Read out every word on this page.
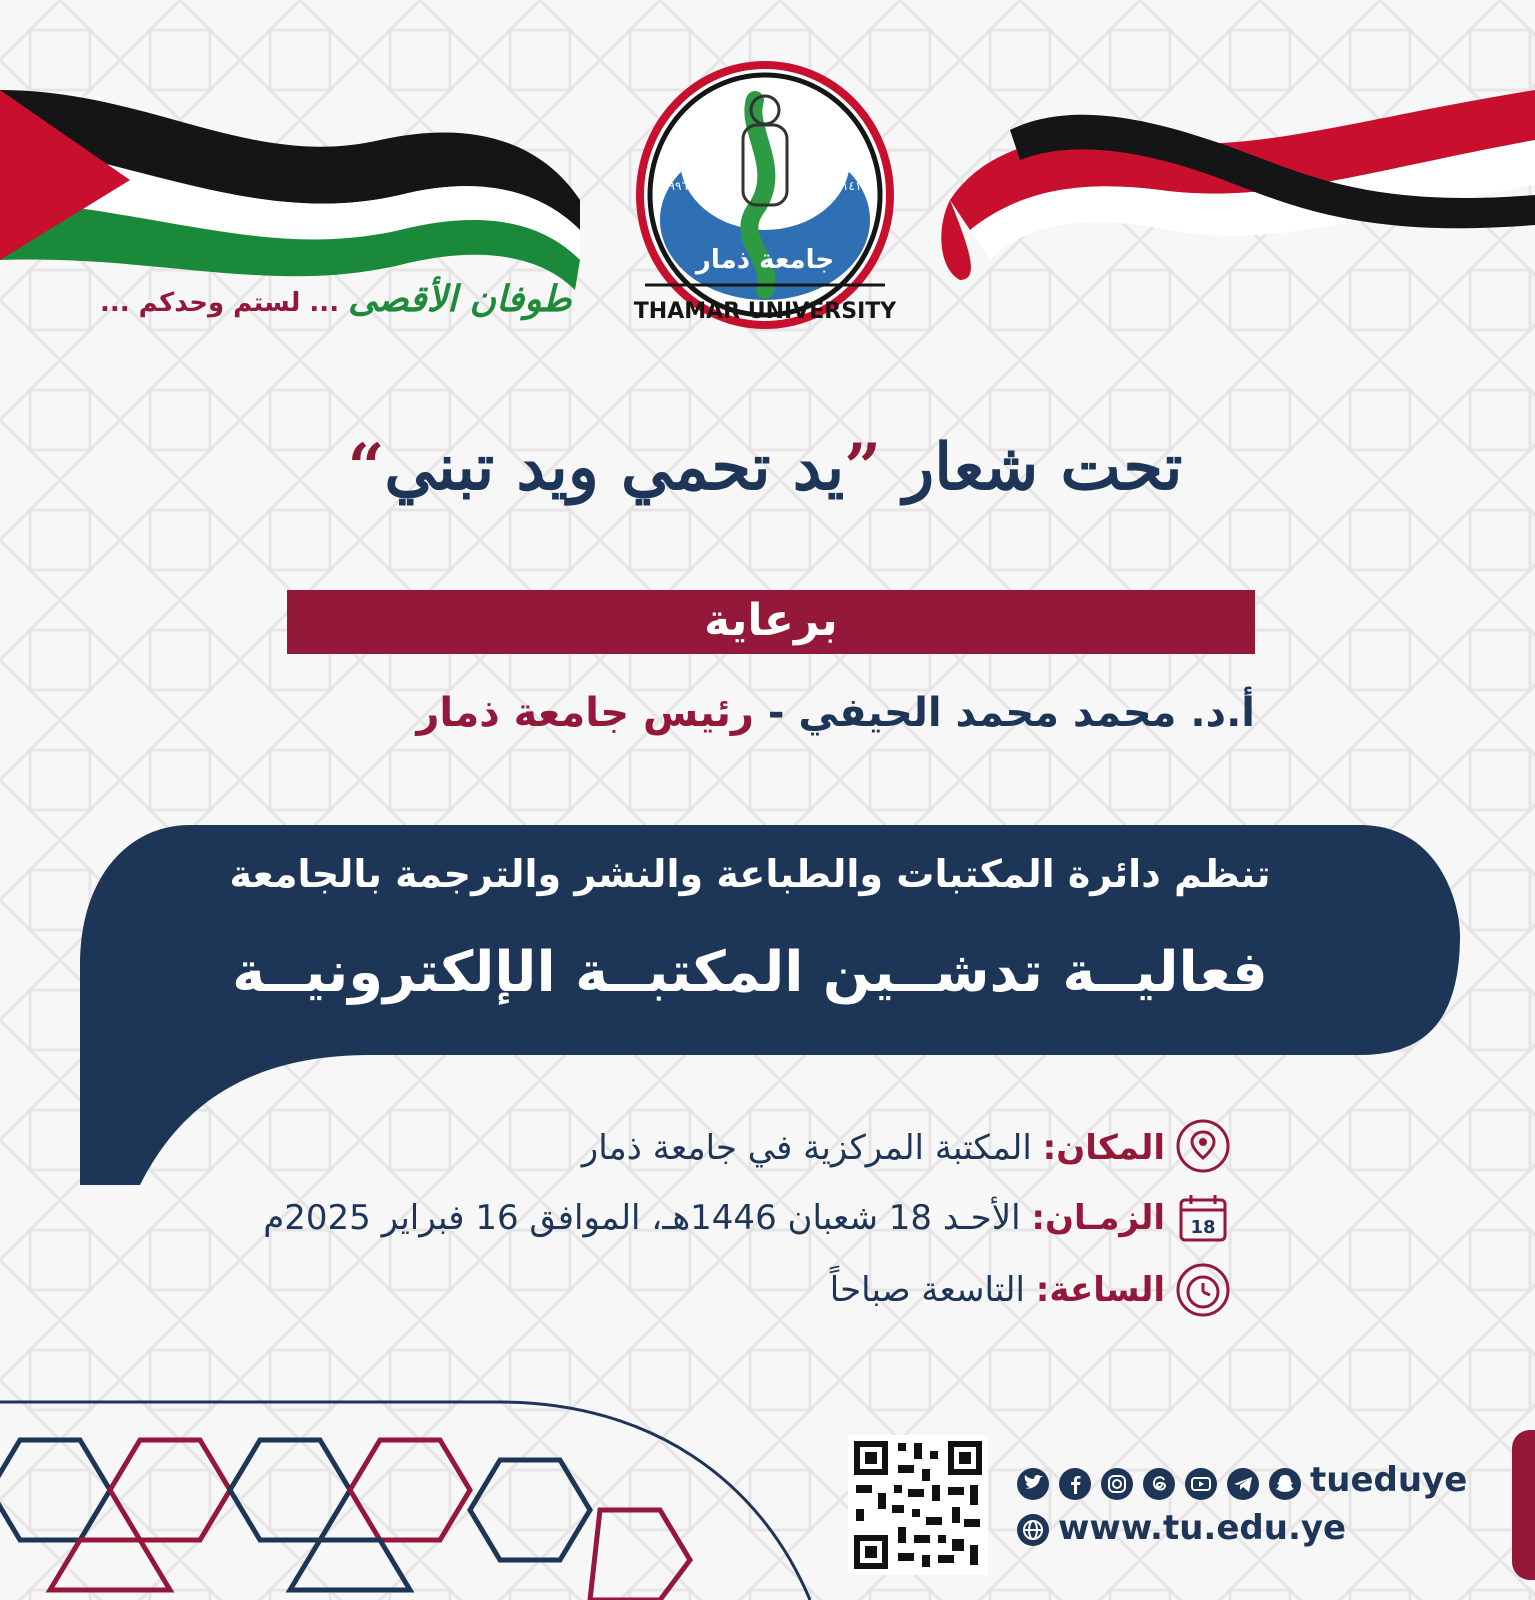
THAMAR UNIVERSITY
جامعة ذمار
١٩٩٦	١٤١٧
طوفان الأقصى ... لستم وحدكم ...
تحت شعار ”يد تحمي ويد تبني“
برعاية
أ.د. محمد محمد الحيفي - رئيس جامعة ذمار
تنظم دائرة المكتبات والطباعة والنشر والترجمة بالجامعة
فعاليــة تدشــين المكتبــة الإلكترونيــة
المكان: المكتبة المركزية في جامعة ذمار
18
الزمـان: الأحـد 18 شعبان 1446هـ، الموافق 16 فبراير 2025م
الساعة: التاسعة صباحاً
tueduye
www.tu.edu.ye
